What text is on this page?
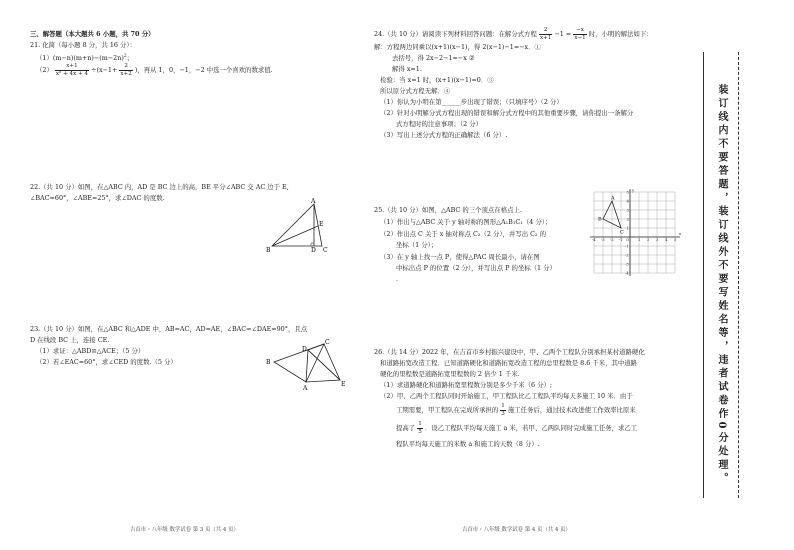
三、解答题（本大题共 6 小题，共 70 分）
21. 化简（每小题 8 分，共 16 分）：
$(1)(m-n)(m+n)-(m-2n)^2$；
$(2) \frac{x+1}{\text{x² + 4x + 4}} \div(x-1+ \frac{2}{x+2}$ )，再从 1，0，−1，−2 中选一个喜欢的数求值.
22.（共 10 分）如图，在△ABC 内，AD 是 BC 边上的高，BE 平分∠ABC 交 AC 边于 E,
∠BAC=60°，∠ABE=25°，求∠DAC 的度数.	A
B	C
D
E
23.（共 10 分）如图，在△ABC 和△ADE 中，AB=AC，AD=AE，∠BAC=∠DAE=90°，且点
D 在线段 BC 上，连接 CE.
（1）求证：△ABD≌△ACE；（5 分）
（2）若∠EAC=60°，求∠CED 的度数.（5 分）	B
C
D
A
E
吉首市・八年级 数学试卷 第 3 页（共 4 页）
24.（共 10 分）请阅读下列材料回答问题：在解分式方程 $\frac{2}{x+1} -1 = \frac{-x}{x-1}$ 时，小明的解法如下：
解：方程两边同乘以(x+1)(x−1)，得 2(x−1)−1=−x．①
去括号，得 2x−2−1=−x ②
解得 x=1.
检验：当 x=1 时，(x+1)(x−1)=0．③
所以原分式方程无解．④
（1）你认为小明在第______步出现了错误；（只填序号）（2 分）
（2）针对小明解分式方程出现的错误和解分式方程中的其他重要步骤，请你提出一条解分
式方程时的注意事项；（2 分）
（3）写出上述分式方程的正确解法（6 分）.
25.（共 10 分）如图，△ABC 的三个顶点在格点上.
（1）作出与△ABC 关于 y 轴对称的图形△A₁B₁C₁（4 分）；
（2）作出点 C 关于 x 轴对称点 C₂（2 分），并写出 C₂ 的
坐标（1 分）；
（3）在 y 轴上找一点 P，使得△PAC 周长最小，请在图
中标出点 P 的位置（2 分），并写出点 P 的坐标（1 分）
.
x
y
O 1
1
2
2
3
3
4
4
5
5
-1
-1
-2
-2
-3
-3
-4
-4
A
B
C
26.（共 14 分）2022 年，在吉首市乡村振兴建设中，甲、乙两个工程队分别承担某村道路硬化
和道路拓宽改造工程．已知道路硬化和道路拓宽改造工程的总里程数是 8.6 千米，其中道路
硬化的里程数是道路拓宽里程数的 2 倍少 1 千米.
（1）求道路硬化和道路拓宽里程数分别是多少千米（6 分）;
（2）甲、乙两个工程队同时开始施工，甲工程队比乙工程队平均每天多施工 10 米．由于
工期需要，甲工程队在完成所承担的 $\frac{1}{3}$ 施工任务后，通过技术改进使工作效率比原来
提高了 $\frac{1}{5}$ ．设乙工程队平均每天施工 a 米，若甲、乙两队同时完成施工任务，求乙工
程队平均每天施工的米数 a 和施工的天数（8 分）.
吉首市・八年级 数学试卷 第 4 页（共 4 页）
装订线内不要答题，装订线外不要写姓名等，违者试卷作0分处理。
